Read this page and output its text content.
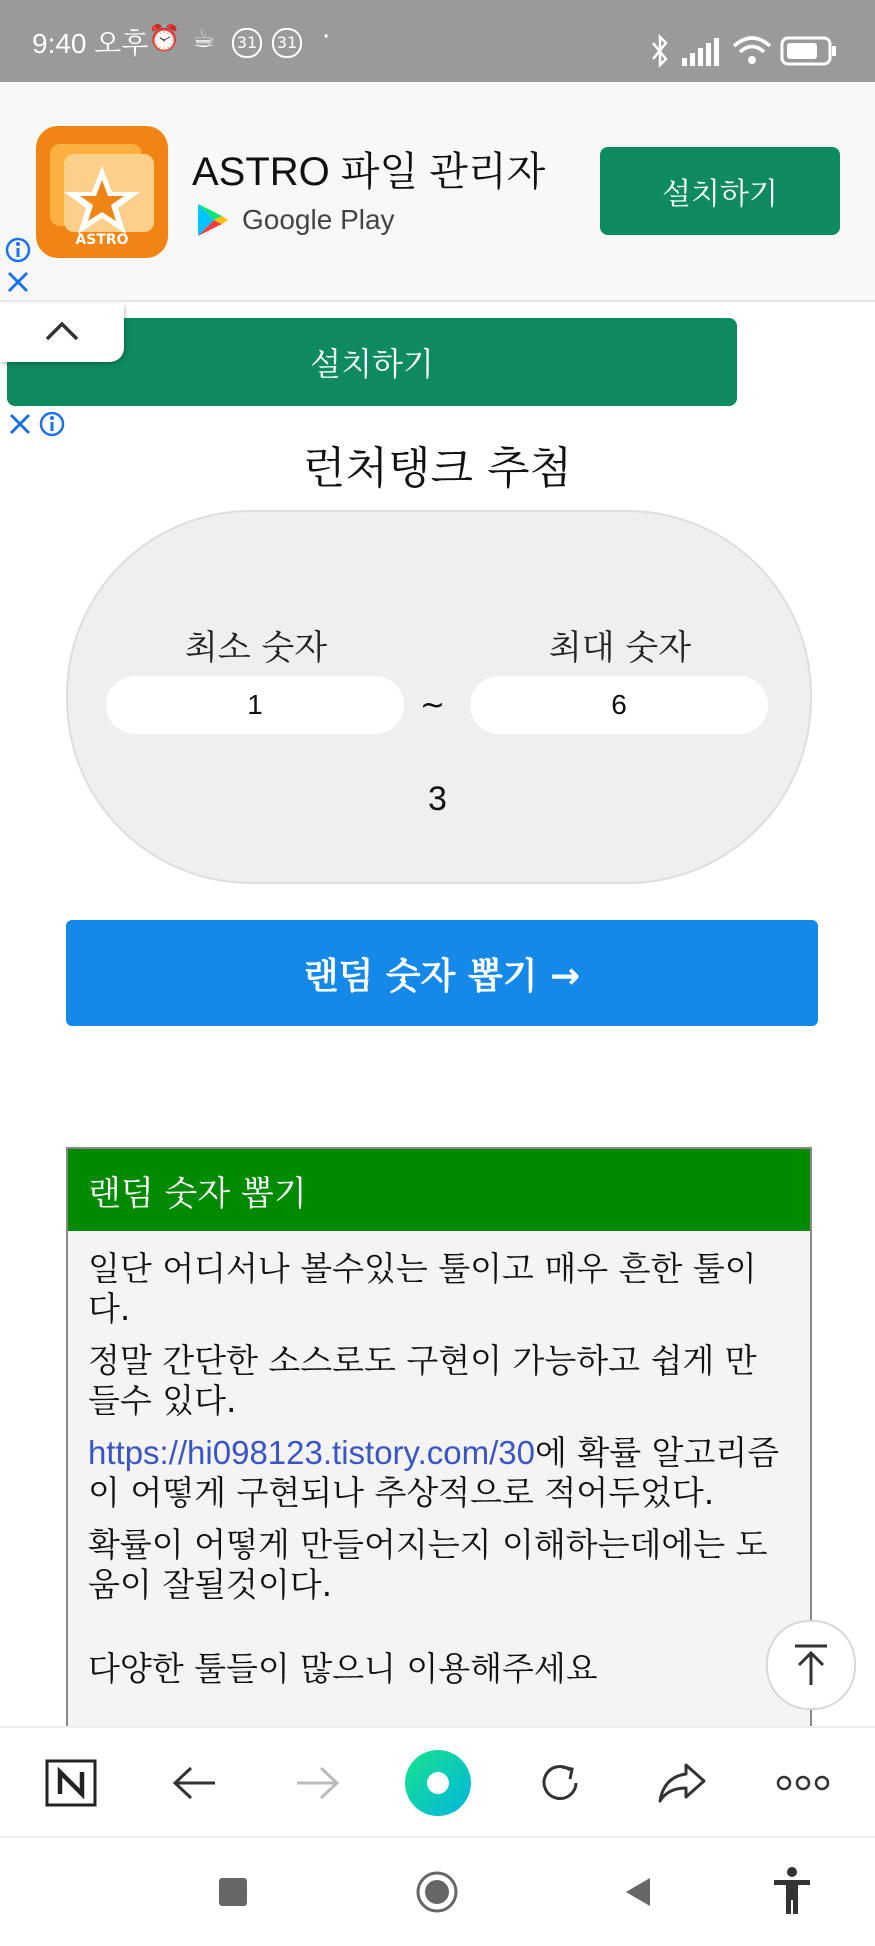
9:40 오후 ⏰ ☕	31	31 ·
ASTRO
ASTRO 파일 관리자
Google Play
설치하기
설치하기
런처탱크 추첨
최소 숫자	최대 숫자
1	~	6
3
랜덤 숫자 뽑기 →
랜덤 숫자 뽑기

일단 어디서나 볼수있는 툴이고 매우 흔한 툴이다.

정말 간단한 소스로도 구현이 가능하고 쉽게 만들수 있다.

https://hi098123.tistory.com/30에 확률 알고리즘이 어떻게 구현되나 추상적으로 적어두었다.

확률이 어떻게 만들어지는지 이해하는데에는 도움이 잘될것이다.

다양한 툴들이 많으니 이용해주세요
